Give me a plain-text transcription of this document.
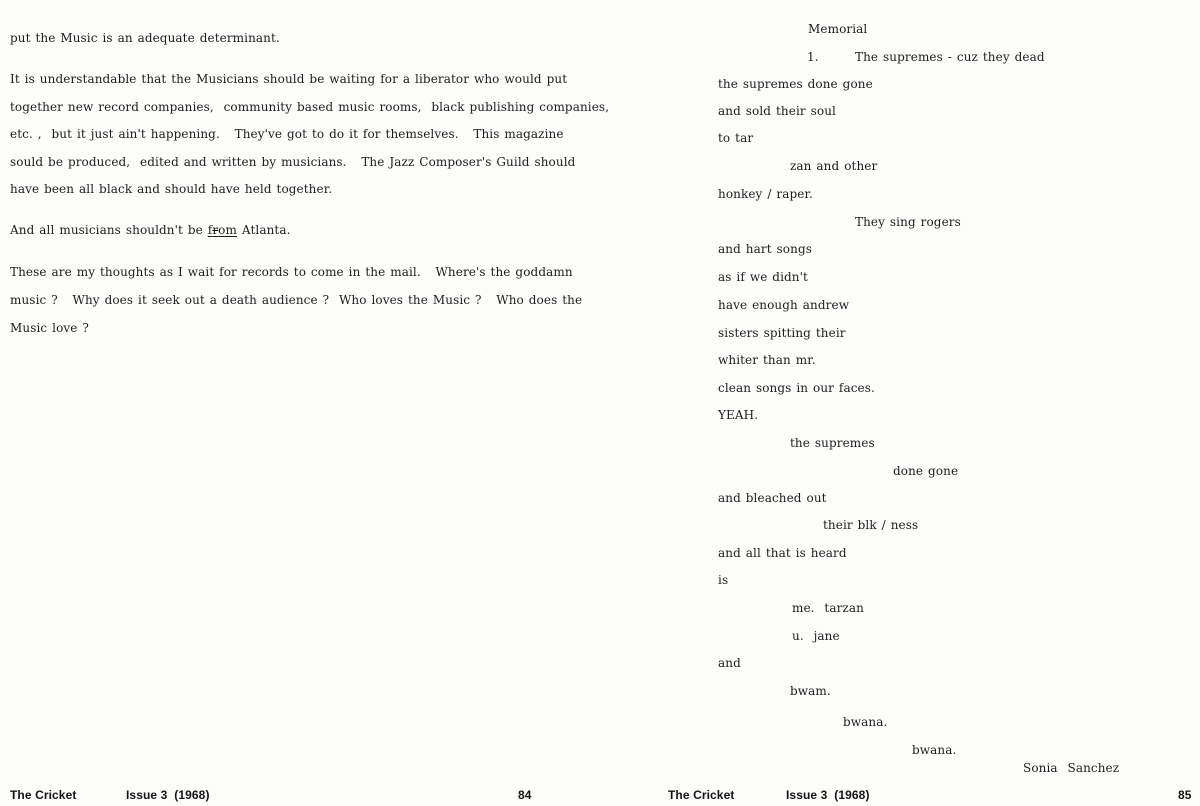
put the Music is an adequate determinant.
It is understandable that the Musicians should be waiting for a liberator who would put
together new record companies,  community based music rooms,  black publishing companies,
etc. ,  but it just ain't happening.   They've got to do it for themselves.   This magazine
sould be produced,  edited and written by musicians.   The Jazz Composer's Guild should
have been all black and should have held together.
And all musicians shouldn't be from Atlanta.
These are my thoughts as I wait for records to come in the mail.   Where's the goddamn
music ?   Why does it seek out a death audience ?  Who loves the Music ?   Who does the
Music love ?
Memorial
1.	The supremes - cuz they dead
the supremes done gone
and sold their soul
to tar
zan and other
honkey / raper.
They sing rogers
and hart songs
as if we didn't
have enough andrew
sisters spitting their
whiter than mr.
clean songs in our faces.
YEAH.
the supremes
done gone
and bleached out
their blk / ness
and all that is heard
is
me.  tarzan
u.  jane
and
bwam.
bwana.
bwana.
Sonia  Sanchez
The Cricket	Issue 3  (1968)	84	The Cricket	Issue 3  (1968)	85
